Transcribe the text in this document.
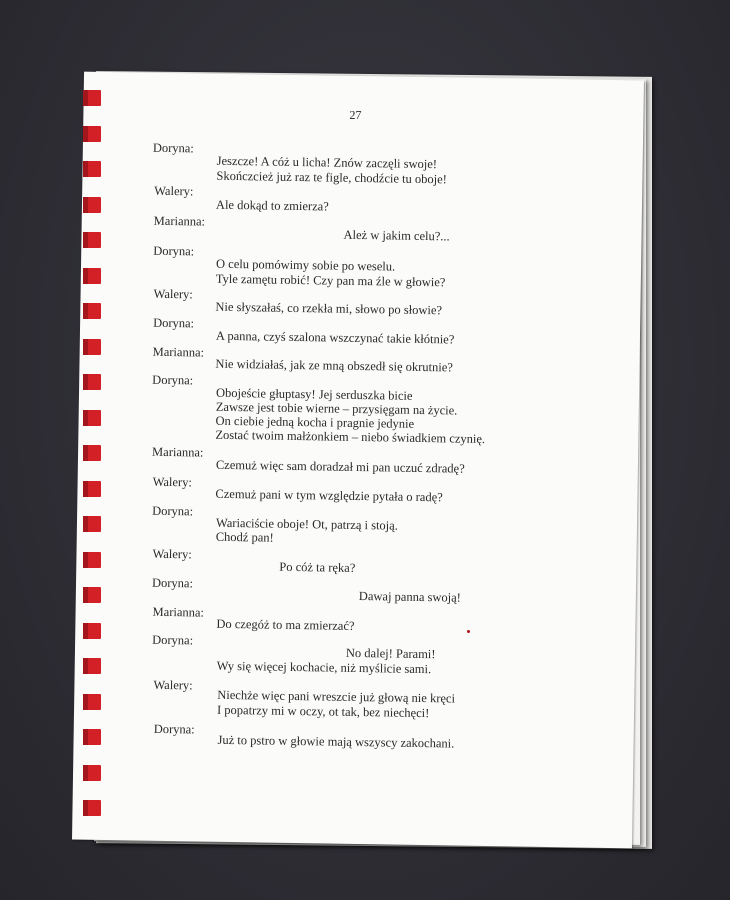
27
Doryna:
Jeszcze! A cóż u licha! Znów zaczęli swoje!
Skończcież już raz te figle, chodźcie tu oboje!
Walery:
Ale dokąd to zmierza?
Marianna:
Ależ w jakim celu?...
Doryna:
O celu pomówimy sobie po weselu.
Tyle zamętu robić! Czy pan ma źle w głowie?
Walery:
Nie słyszałaś, co rzekła mi, słowo po słowie?
Doryna:
A panna, czyś szalona wszczynać takie kłótnie?
Marianna:
Nie widziałaś, jak ze mną obszedł się okrutnie?
Doryna:
Obojeście głuptasy! Jej serduszka bicie
Zawsze jest tobie wierne – przysięgam na życie.
On ciebie jedną kocha i pragnie jedynie
Zostać twoim małżonkiem – niebo świadkiem czynię.
Marianna:
Czemuż więc sam doradzał mi pan uczuć zdradę?
Walery:
Czemuż pani w tym względzie pytała o radę?
Doryna:
Wariaciście oboje! Ot, patrzą i stoją.
Chodź pan!
Walery:
Po cóż ta ręka?
Doryna:
Dawaj panna swoją!
Marianna:
Do czegóż to ma zmierzać?
Doryna:
No dalej! Parami!
Wy się więcej kochacie, niż myślicie sami.
Walery:
Niechże więc pani wreszcie już głową nie kręci
I popatrzy mi w oczy, ot tak, bez niechęci!
Doryna:
Już to pstro w głowie mają wszyscy zakochani.
